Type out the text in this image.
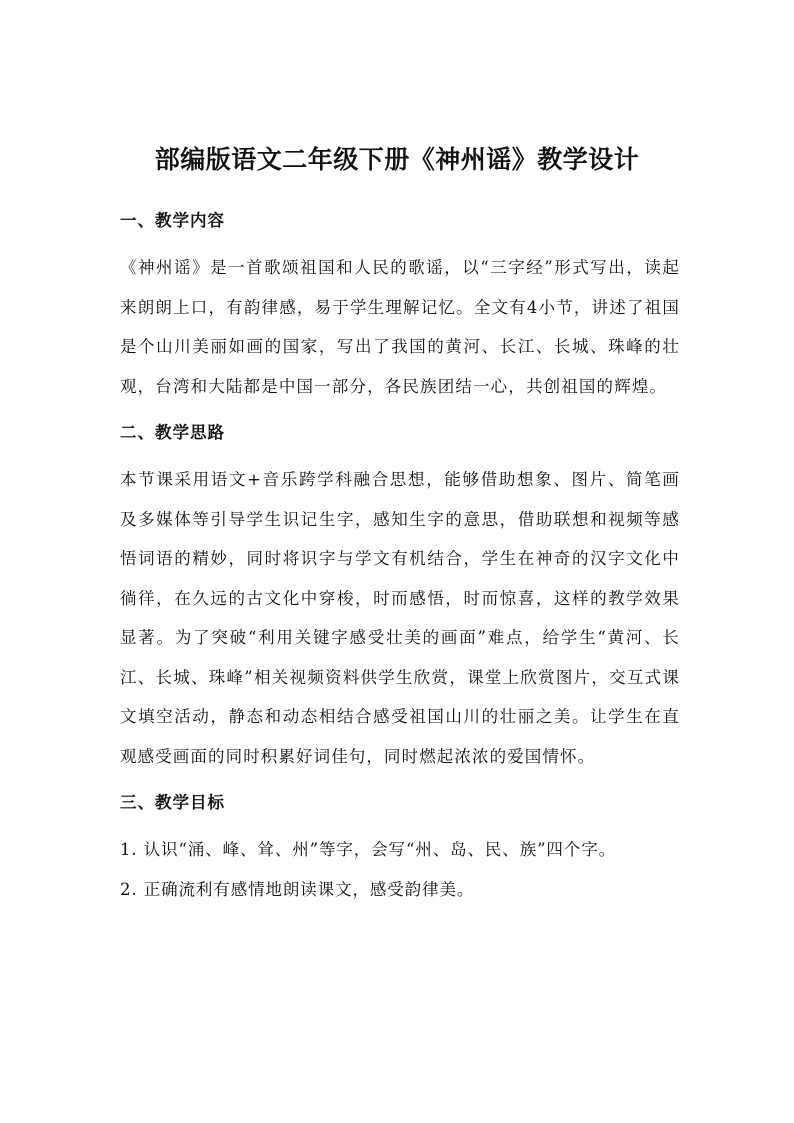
部编版语文二年级下册《神州谣》教学设计
一、教学内容

《神州谣》是一首歌颂祖国和人民的歌谣，以“三字经”形式写出，读起来朗朗上口，有韵律感，易于学生理解记忆。全文有4小节，讲述了祖国是个山川美丽如画的国家，写出了我国的黄河、长江、长城、珠峰的壮观，台湾和大陆都是中国一部分，各民族团结一心，共创祖国的辉煌。

二、教学思路

本节课采用语文+音乐跨学科融合思想，能够借助想象、图片、简笔画及多媒体等引导学生识记生字，感知生字的意思，借助联想和视频等感悟词语的精妙，同时将识字与学文有机结合，学生在神奇的汉字文化中徜徉，在久远的古文化中穿梭，时而感悟，时而惊喜，这样的教学效果显著。为了突破“利用关键字感受壮美的画面”难点，给学生“黄河、长江、长城、珠峰”相关视频资料供学生欣赏，课堂上欣赏图片，交互式课文填空活动，静态和动态相结合感受祖国山川的壮丽之美。让学生在直观感受画面的同时积累好词佳句，同时燃起浓浓的爱国情怀。

三、教学目标

1. 认识“涌、峰、耸、州”等字，会写“州、岛、民、族”四个字。

2. 正确流利有感情地朗读课文，感受韵律美。
